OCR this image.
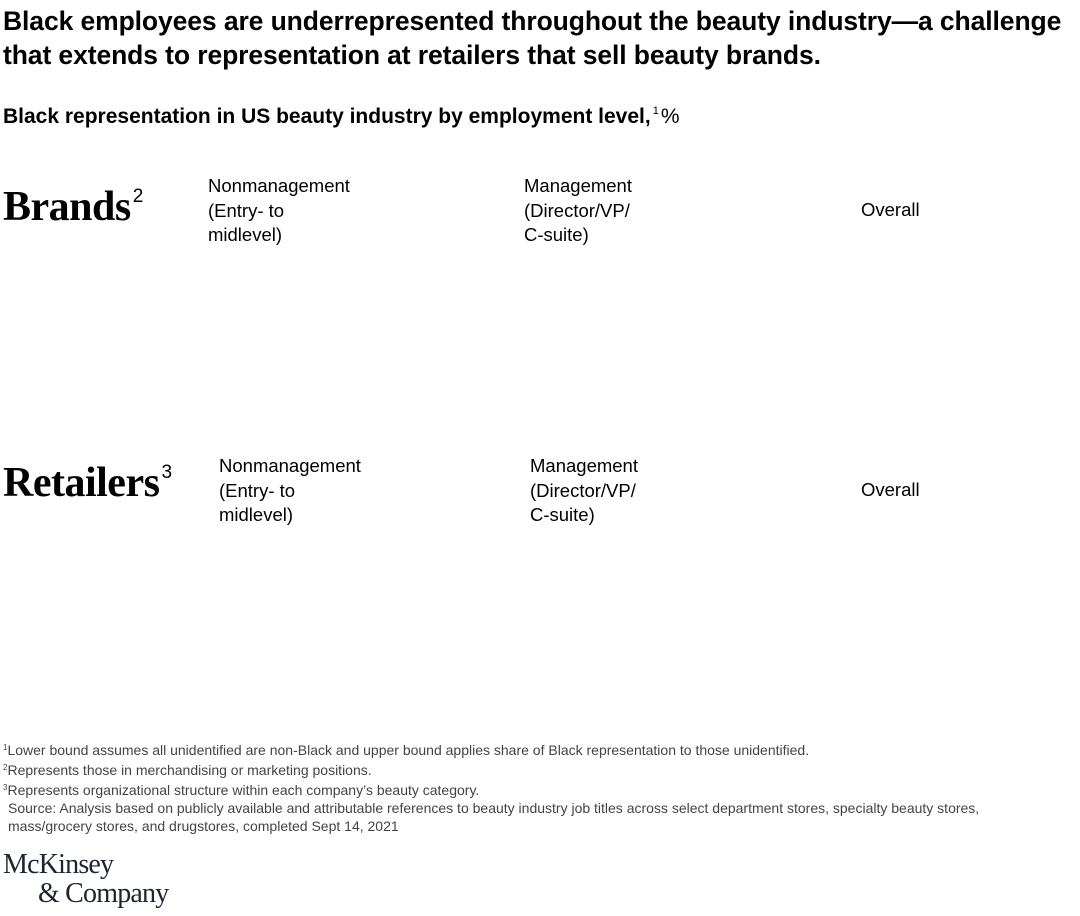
Black employees are underrepresented throughout the beauty industry—a challenge that extends to representation at retailers that sell beauty brands.

Black representation in US beauty industry by employment level, $^1$%

Brands $^2$

Nonmanagement
(Entry- to
midlevel)

Management
(Director/VP/
C-suite)

Overall

Retailers $^3$	Nonmanagement
(Entry- to
midlevel)

Management
(Director/VP/
C-suite)

Overall

$^1$Lower bound assumes all unidentified are non-Black and upper bound applies share of Black representation to those unidentified.

$^2$Represents those in merchandising or marketing positions.

$^3$Represents organizational structure within each company’s beauty category.

Source: Analysis based on publicly available and attributable references to beauty industry job titles across select department stores, specialty beauty stores, mass/grocery stores, and drugstores, completed Sept 14, 2021

McKinsey
& Company
